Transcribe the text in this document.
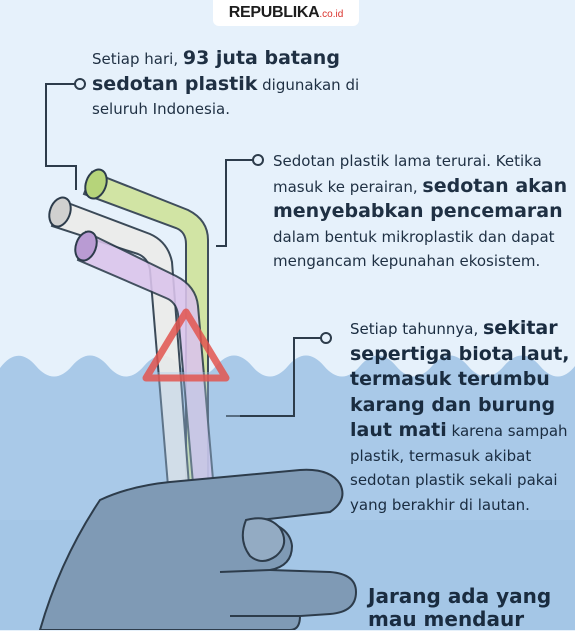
REPUBLIKA.co.id

Setiap hari, 93 juta batang sedotan plastik digunakan di seluruh Indonesia.

Sedotan plastik lama terurai. Ketika masuk ke perairan, sedotan akan menyebabkan pencemaran dalam bentuk mikroplastik dan dapat mengancam kepunahan ekosistem.

Setiap tahunnya, sekitar sepertiga biota laut, termasuk terumbu karang dan burung laut mati karena sampah plastik, termasuk akibat sedotan plastik sekali pakai yang berakhir di lautan.

Jarang ada yang mau mendaur
